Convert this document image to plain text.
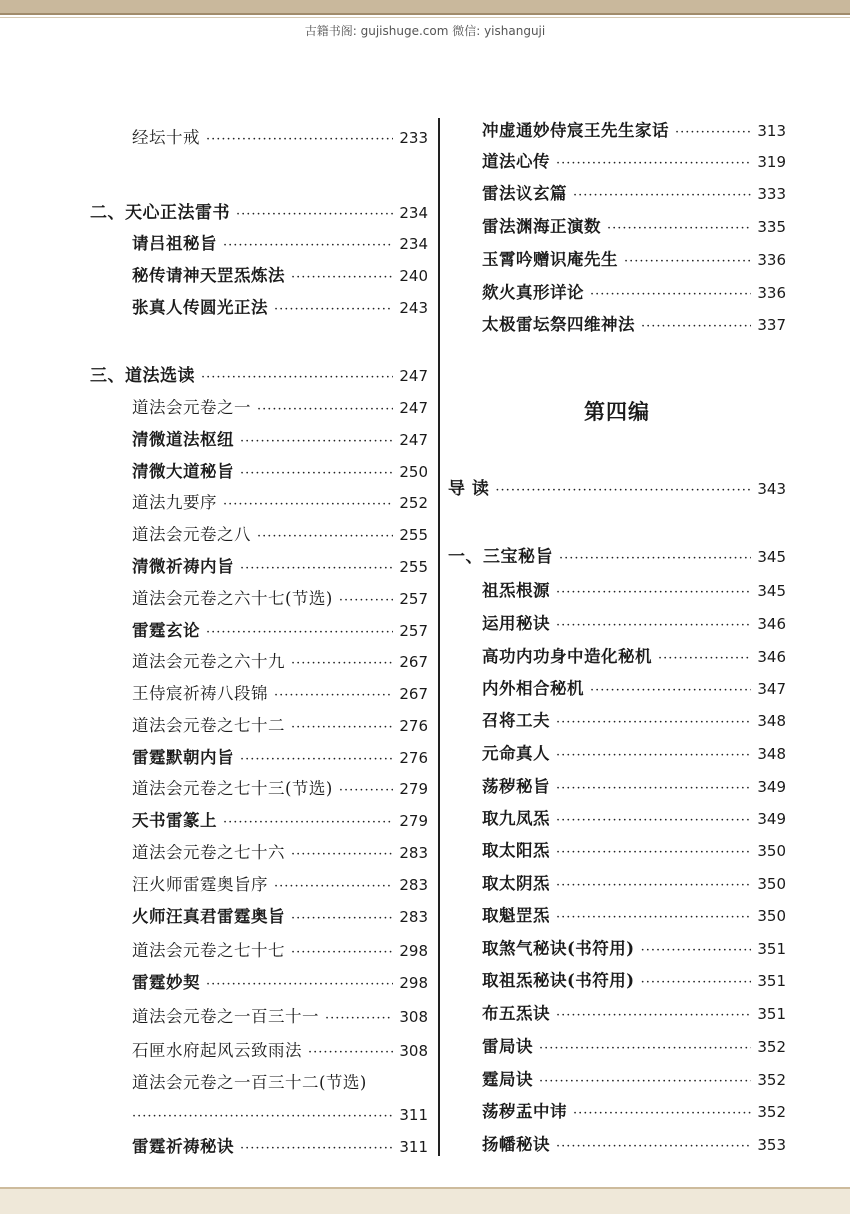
古籍书阁: gujishuge.com 微信: yishanguji
经坛十戒 ·····	233
二、天心正法雷书 ·····	234
请吕祖秘旨 ·····	234
秘传请神天罡炁炼法 ·····	240
张真人传圆光正法 ·····	243
三、道法选读 ·····	247
道法会元卷之一 ·····	247
清微道法枢纽 ·····	247
清微大道秘旨 ·····	250
道法九要序 ·····	252
道法会元卷之八 ·····	255
清微祈祷内旨 ·····	255
道法会元卷之六十七(节选) ·····	257
雷霆玄论 ·····	257
道法会元卷之六十九 ·····	267
王侍宸祈祷八段锦 ·····	267
道法会元卷之七十二 ·····	276
雷霆默朝内旨 ·····	276
道法会元卷之七十三(节选) ·····	279
天书雷篆上 ·····	279
道法会元卷之七十六 ·····	283
汪火师雷霆奥旨序 ·····	283
火师汪真君雷霆奥旨 ·····	283
道法会元卷之七十七 ·····	298
雷霆妙契 ·····	298
道法会元卷之一百三十一 ·····	308
石匣水府起风云致雨法 ·····	308
道法会元卷之一百三十二(节选)
·····
311
雷霆祈祷秘诀 ·····	311
冲虚通妙侍宸王先生家话 ·····	313
道法心传 ·····	319
雷法议玄篇 ·····	333
雷法渊海正演数 ·····	335
玉霄吟赠识庵先生 ·····	336
欻火真形详论 ·····	336
太极雷坛祭四维神法 ·····	337
导 读 ·····	343
一、三宝秘旨 ·····	345
祖炁根源 ·····	345
运用秘诀 ·····	346
高功内功身中造化秘机 ·····	346
内外相合秘机 ·····	347
召将工夫 ·····	348
元命真人 ·····	348
荡秽秘旨 ·····	349
取九凤炁 ·····	349
取太阳炁 ·····	350
取太阴炁 ·····	350
取魁罡炁 ·····	350
取煞气秘诀(书符用) ·····	351
取祖炁秘诀(书符用) ·····	351
布五炁诀 ·····	351
雷局诀 ·····	352
霆局诀 ·····	352
荡秽盂中讳 ·····	352
扬幡秘诀 ·····	353
第四编
